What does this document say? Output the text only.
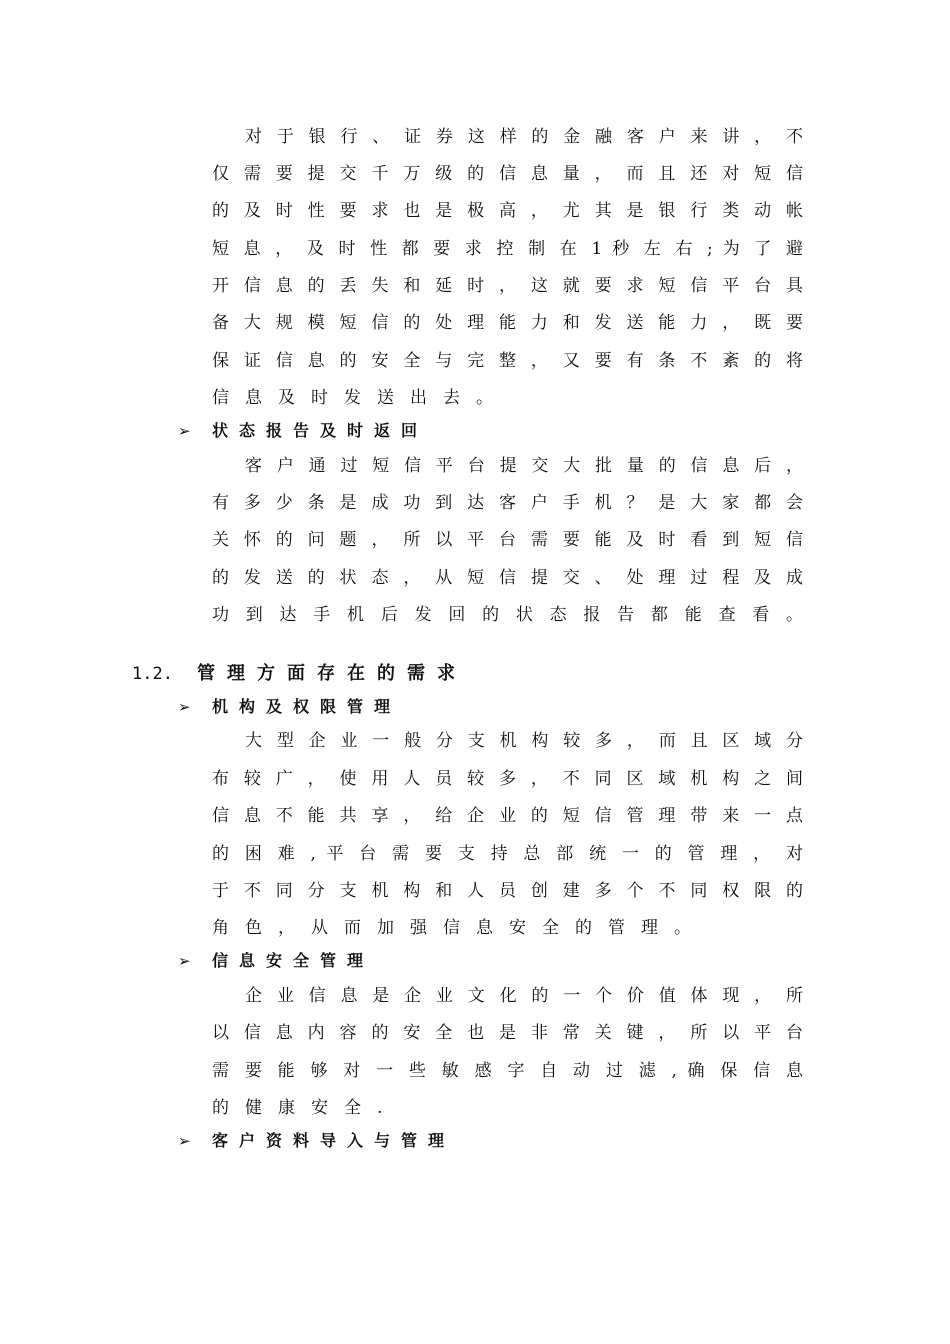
对 于 银 行 、 证 券 这 样 的 金 融 客 户 来 讲 ， 不
仅 需 要 提 交 千 万 级 的 信 息 量 ， 而 且 还 对 短 信
的 及 时 性 要 求 也 是 极 高 ， 尤 其 是 银 行 类 动 帐
短 息 ， 及 时 性 都 要 求 控 制 在 1 秒 左 右 ; 为 了 避
开 信 息 的 丢 失 和 延 时 ， 这 就 要 求 短 信 平 台 具
备 大 规 模 短 信 的 处 理 能 力 和 发 送 能 力 ， 既 要
保 证 信 息 的 安 全 与 完 整 ， 又 要 有 条 不 紊 的 将
信息及时发送出去。
➢ 状态报告及时返回
客 户 通 过 短 信 平 台 提 交 大 批 量 的 信 息 后 ，
有 多 少 条 是 成 功 到 达 客 户 手 机 ？ 是 大 家 都 会
关 怀 的 问 题 ， 所 以 平 台 需 要 能 及 时 看 到 短 信
的 发 送 的 状 态 ， 从 短 信 提 交 、 处 理 过 程 及 成
功 到 达 手 机 后 发 回 的 状 态 报 告 都 能 查 看 。
1.2. 管理方面存在的需求
➢ 机构及权限管理
大 型 企 业 一 般 分 支 机 构 较 多 ， 而 且 区 域 分
布 较 广 ， 使 用 人 员 较 多 ， 不 同 区 域 机 构 之 间
信 息 不 能 共 享 ， 给 企 业 的 短 信 管 理 带 来 一 点
的 困 难 , 平 台 需 要 支 持 总 部 统 一 的 管 理 ， 对
于 不 同 分 支 机 构 和 人 员 创 建 多 个 不 同 权 限 的
角色，从而加强信息安全的管理。
➢ 信息安全管理
企 业 信 息 是 企 业 文 化 的 一 个 价 值 体 现 ， 所
以 信 息 内 容 的 安 全 也 是 非 常 关 键 ， 所 以 平 台
需 要 能 够 对 一 些 敏 感 字 自 动 过 滤 , 确 保 信 息
的健康安全.
➢ 客户资料导入与管理
